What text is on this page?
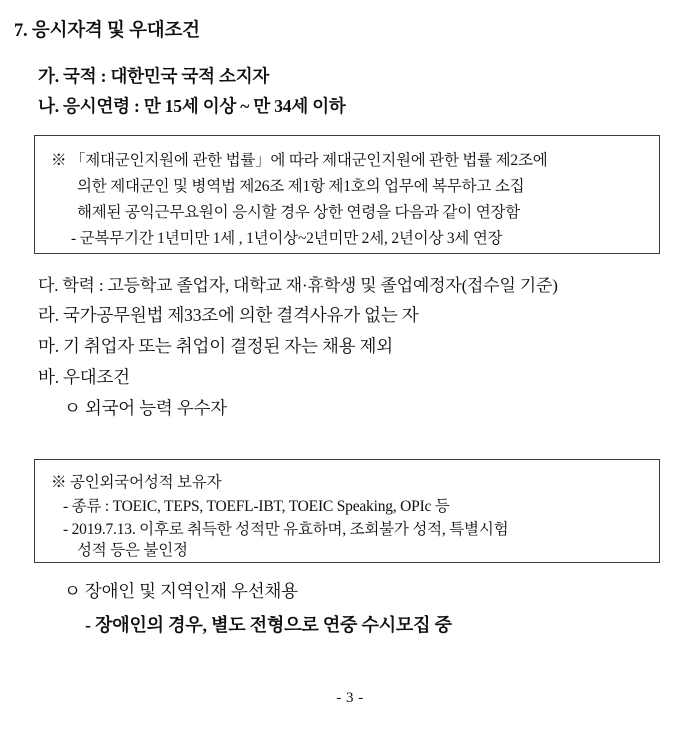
7. 응시자격 및 우대조건
가. 국적 : 대한민국 국적 소지자
나. 응시연령 : 만 15세 이상 ~ 만 34세 이하
※ 「제대군인지원에 관한 법률」에 따라 제대군인지원에 관한 법률 제2조에
의한 제대군인 및 병역법 제26조 제1항 제1호의 업무에 복무하고 소집
해제된 공익근무요원이 응시할 경우 상한 연령을 다음과 같이 연장함
- 군복무기간 1년미만 1세 , 1년이상~2년미만 2세, 2년이상 3세 연장
다. 학력 : 고등학교 졸업자, 대학교 재·휴학생 및 졸업예정자(접수일 기준)
라. 국가공무원법 제33조에 의한 결격사유가 없는 자
마. 기 취업자 또는 취업이 결정된 자는 채용 제외
바. 우대조건
ㅇ 외국어 능력 우수자
※ 공인외국어성적 보유자
- 종류 : TOEIC, TEPS, TOEFL-IBT, TOEIC Speaking, OPIc 등
- 2019.7.13. 이후로 취득한 성적만 유효하며, 조회불가 성적, 특별시험
성적 등은 불인정
ㅇ 장애인 및 지역인재 우선채용
- 장애인의 경우, 별도 전형으로 연중 수시모집 중
- 3 -
